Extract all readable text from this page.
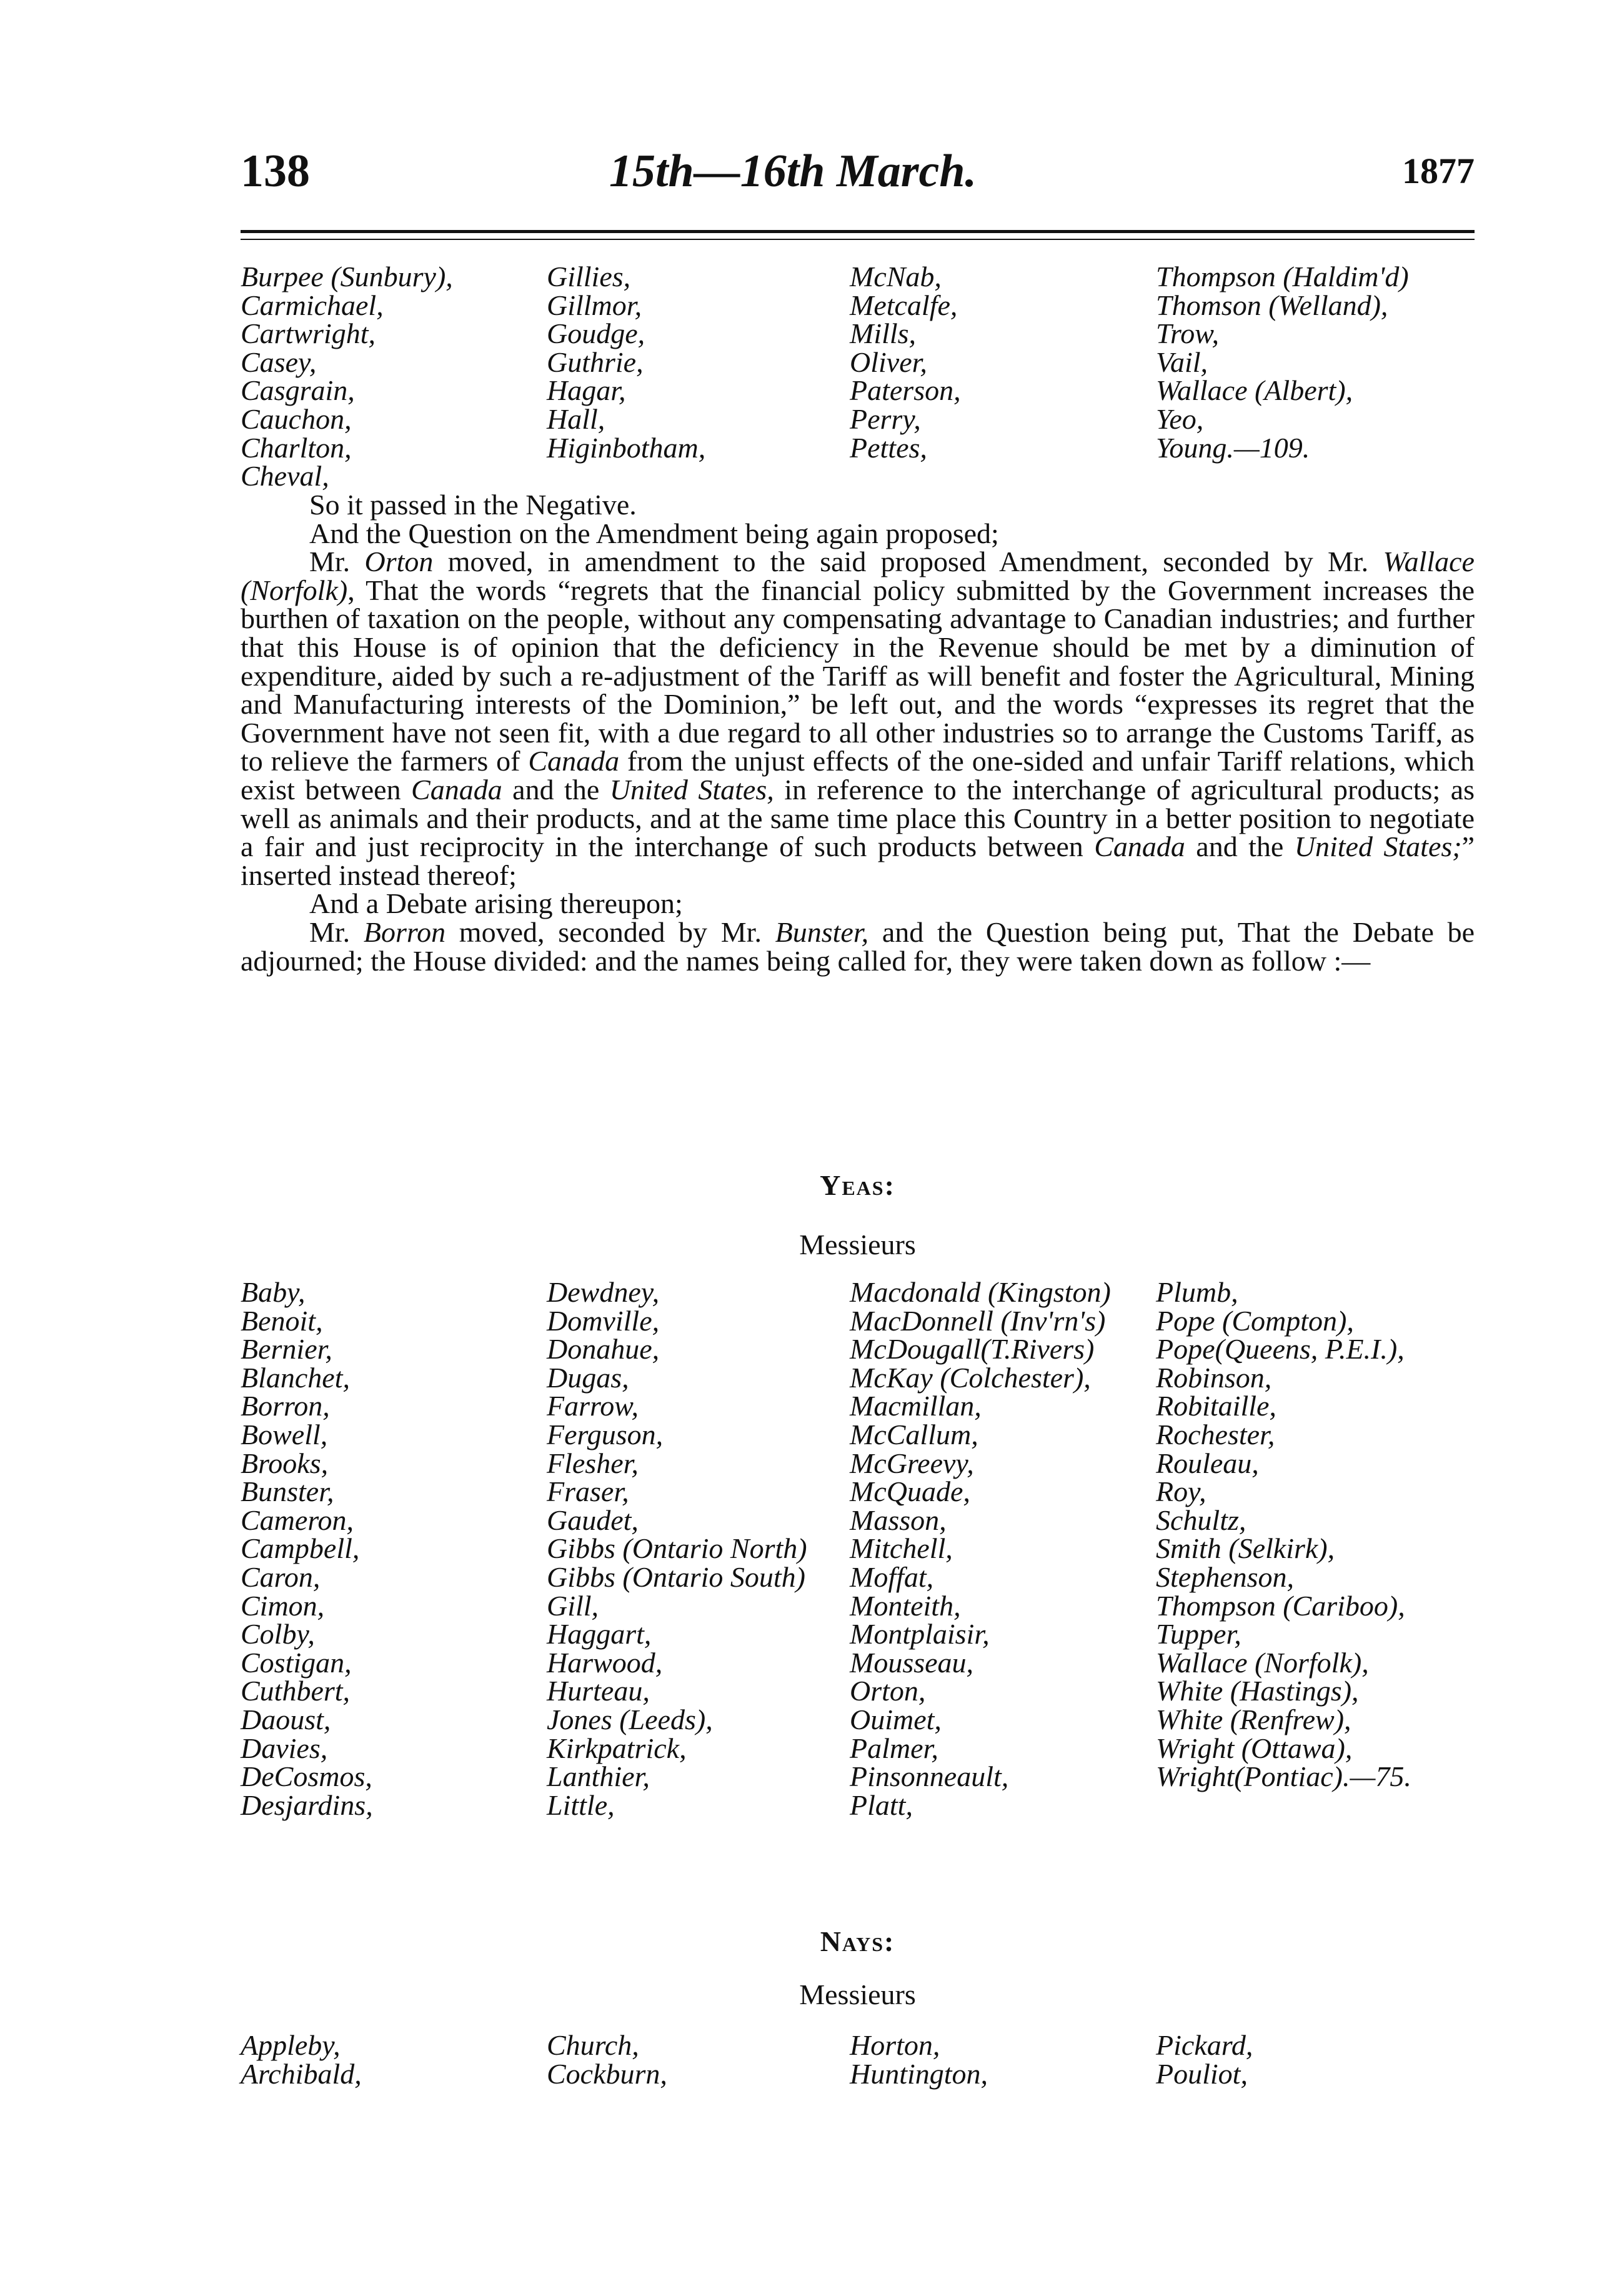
138	15th—16th March.	1877
Burpee (Sunbury),
Carmichael,
Cartwright,
Casey,
Casgrain,
Cauchon,
Charlton,
Cheval,
Gillies,
Gillmor,
Goudge,
Guthrie,
Hagar,
Hall,
Higinbotham,
McNab,
Metcalfe,
Mills,
Oliver,
Paterson,
Perry,
Pettes,
Thompson (Haldim'd)
Thomson (Welland),
Trow,
Vail,
Wallace (Albert),
Yeo,
Young.—109.

So it passed in the Negative.

And the Question on the Amendment being again proposed;

Mr. Orton moved, in amendment to the said proposed Amendment, seconded by Mr. Wallace (Norfolk), That the words “regrets that the financial policy submitted by the Government increases the burthen of taxation on the people, without any compensating advantage to Canadian industries; and further that this House is of opinion that the deficiency in the Revenue should be met by a diminution of expenditure, aided by such a re-adjustment of the Tariff as will benefit and foster the Agricultural, Mining and Manufacturing interests of the Dominion,” be left out, and the words “expresses its regret that the Government have not seen fit, with a due regard to all other industries so to arrange the Customs Tariff, as to relieve the farmers of Canada from the unjust effects of the one-sided and unfair Tariff relations, which exist between Canada and the United States, in reference to the interchange of agricultural products; as well as animals and their products, and at the same time place this Country in a better position to negotiate a fair and just reciprocity in the interchange of such products between Canada and the United States;” inserted instead thereof;

And a Debate arising thereupon;

Mr. Borron moved, seconded by Mr. Bunster, and the Question being put, That the Debate be adjourned; the House divided: and the names being called for, they were taken down as follow :—

Yeas:
Messieurs
Baby,
Benoit,
Bernier,
Blanchet,
Borron,
Bowell,
Brooks,
Bunster,
Cameron,
Campbell,
Caron,
Cimon,
Colby,
Costigan,
Cuthbert,
Daoust,
Davies,
DeCosmos,
Desjardins,
Dewdney,
Domville,
Donahue,
Dugas,
Farrow,
Ferguson,
Flesher,
Fraser,
Gaudet,
Gibbs (Ontario North)
Gibbs (Ontario South)
Gill,
Haggart,
Harwood,
Hurteau,
Jones (Leeds),
Kirkpatrick,
Lanthier,
Little,
Macdonald (Kingston)
MacDonnell (Inv'rn's)
McDougall(T.Rivers)
McKay (Colchester),
Macmillan,
McCallum,
McGreevy,
McQuade,
Masson,
Mitchell,
Moffat,
Monteith,
Montplaisir,
Mousseau,
Orton,
Ouimet,
Palmer,
Pinsonneault,
Platt,
Plumb,
Pope (Compton),
Pope(Queens, P.E.I.),
Robinson,
Robitaille,
Rochester,
Rouleau,
Roy,
Schultz,
Smith (Selkirk),
Stephenson,
Thompson (Cariboo),
Tupper,
Wallace (Norfolk),
White (Hastings),
White (Renfrew),
Wright (Ottawa),
Wright(Pontiac).—75.
Nays:
Messieurs
Appleby,
Archibald,
Church,
Cockburn,
Horton,
Huntington,
Pickard,
Pouliot,
